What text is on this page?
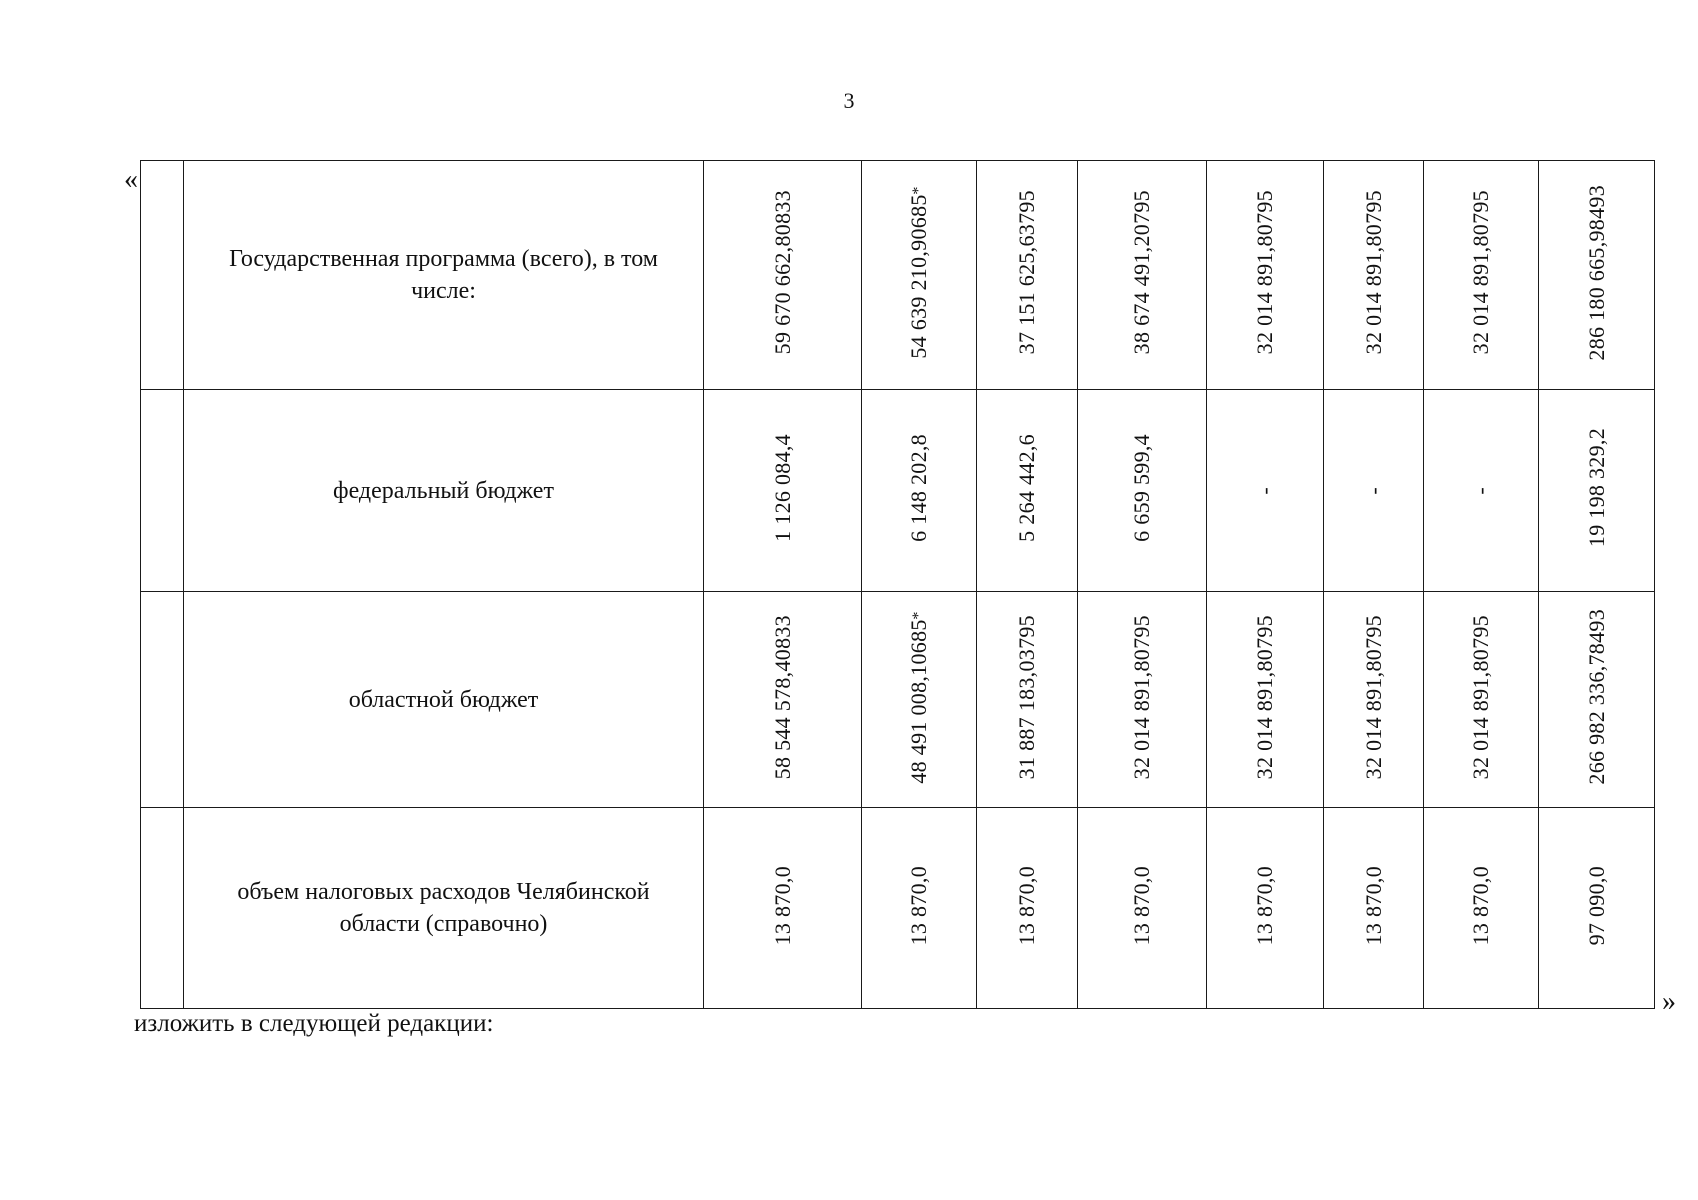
3
«
	Государственная программа (всего), в том числе:	59 670 662,80833	54 639 210,90685*	37 151 625,63795	38 674 491,20795	32 014 891,80795	32 014 891,80795	32 014 891,80795	286 180 665,98493
	федеральный бюджет	1 126 084,4	6 148 202,8	5 264 442,6	6 659 599,4	-	-	-	19 198 329,2
	областной бюджет	58 544 578,40833	48 491 008,10685*	31 887 183,03795	32 014 891,80795	32 014 891,80795	32 014 891,80795	32 014 891,80795	266 982 336,78493
	объем налоговых расходов Челябинской области (справочно)	13 870,0	13 870,0	13 870,0	13 870,0	13 870,0	13 870,0	13 870,0	97 090,0
»
изложить в следующей редакции:
